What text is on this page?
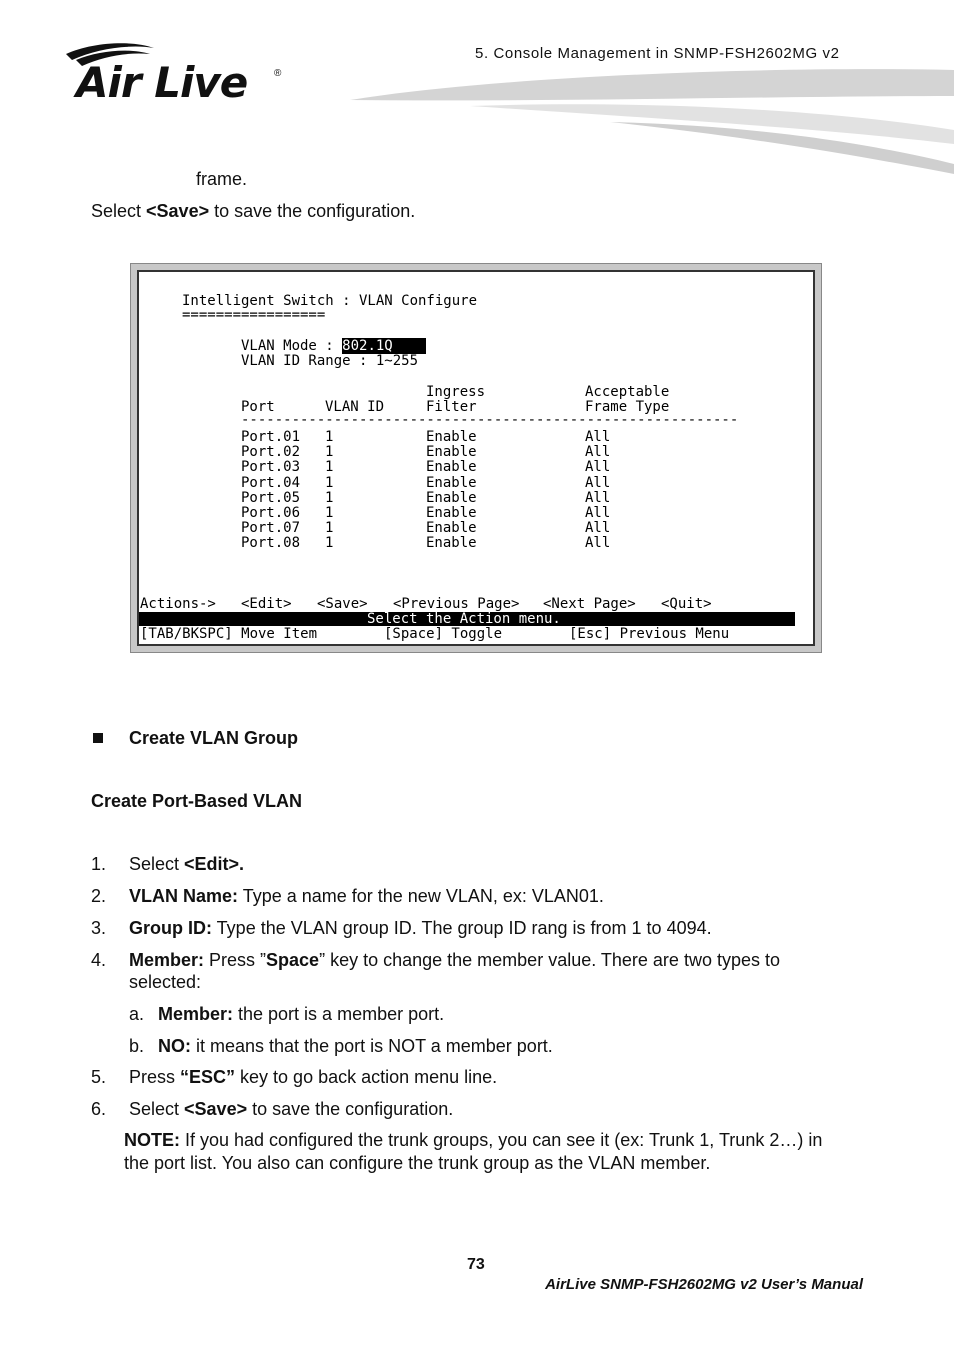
Air Live	®
5. Console Management in SNMP-FSH2602MG v2
frame.
Select <Save> to save the configuration.
Intelligent Switch : VLAN Configure
=================
VLAN Mode : 802.1Q
VLAN ID Range : 1~255
Ingress	Acceptable
Port	VLAN ID	Filter	Frame Type
-----------------------------------------------------------
Port.01 1	Enable	All
Port.02 1	Enable	All
Port.03 1	Enable	All
Port.04 1	Enable	All
Port.05 1	Enable	All
Port.06 1	Enable	All
Port.07 1	Enable	All
Port.08 1	Enable	All
Actions-> <Edit> <Save> <Previous Page> <Next Page> <Quit>
Select the Action menu.
[TAB/BKSPC] Move Item	[Space] Toggle	[Esc] Previous Menu
Create VLAN Group
Create Port-Based VLAN
1. Select <Edit>.
2. VLAN Name: Type a name for the new VLAN, ex: VLAN01.
3. Group ID: Type the VLAN group ID. The group ID rang is from 1 to 4094.
4. Member: Press ”Space” key to change the member value. There are two types to
selected:
a. Member: the port is a member port.
b. NO: it means that the port is NOT a member port.
5. Press “ESC” key to go back action menu line.
6. Select <Save> to save the configuration.
NOTE: If you had configured the trunk groups, you can see it (ex: Trunk 1, Trunk 2…) in
the port list. You also can configure the trunk group as the VLAN member.
73
AirLive SNMP-FSH2602MG v2 User’s Manual
